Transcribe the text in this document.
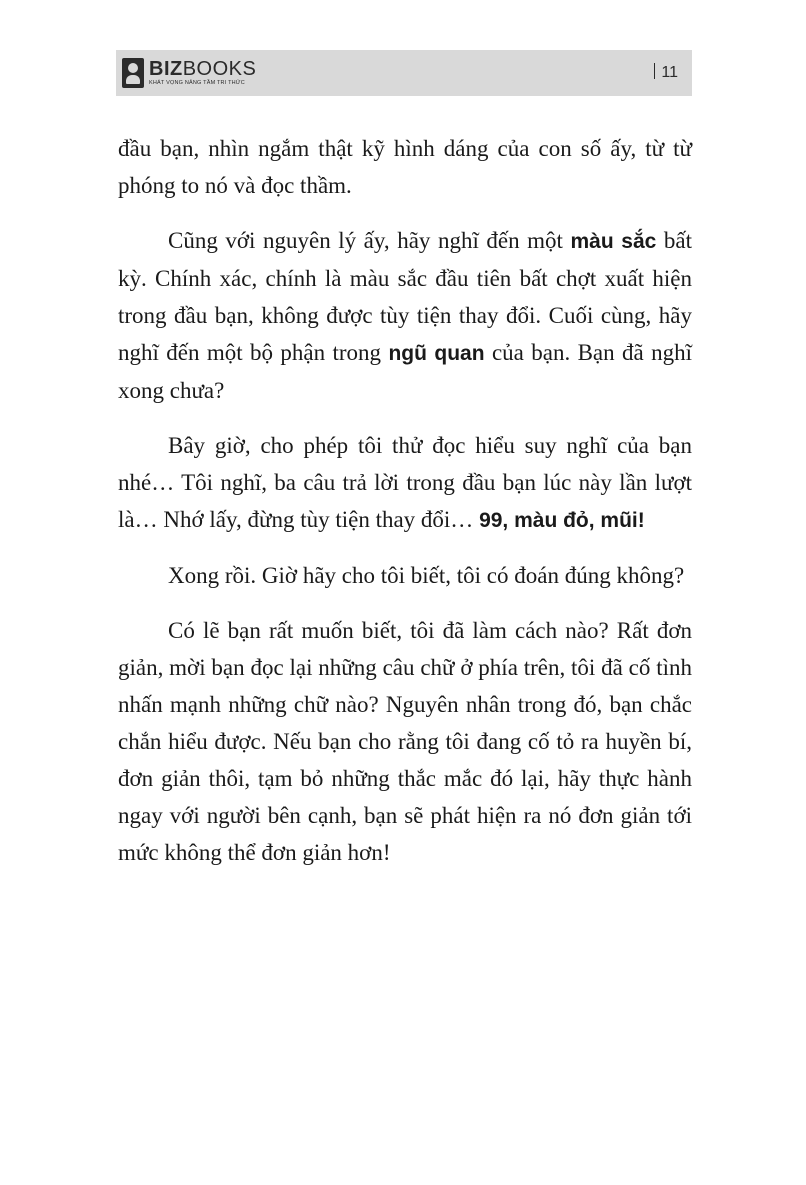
BIZBOOKS
KHÁT VỌNG NÂNG TẦM TRI THỨC
11

đầu bạn, nhìn ngắm thật kỹ hình dáng của con số ấy, từ từ phóng to nó và đọc thầm.

Cũng với nguyên lý ấy, hãy nghĩ đến một màu sắc bất kỳ. Chính xác, chính là màu sắc đầu tiên bất chợt xuất hiện trong đầu bạn, không được tùy tiện thay đổi. Cuối cùng, hãy nghĩ đến một bộ phận trong ngũ quan của bạn. Bạn đã nghĩ xong chưa?

Bây giờ, cho phép tôi thử đọc hiểu suy nghĩ của bạn nhé… Tôi nghĩ, ba câu trả lời trong đầu bạn lúc này lần lượt là… Nhớ lấy, đừng tùy tiện thay đổi… 99, màu đỏ, mũi!

Xong rồi. Giờ hãy cho tôi biết, tôi có đoán đúng không?

Có lẽ bạn rất muốn biết, tôi đã làm cách nào? Rất đơn giản, mời bạn đọc lại những câu chữ ở phía trên, tôi đã cố tình nhấn mạnh những chữ nào? Nguyên nhân trong đó, bạn chắc chắn hiểu được. Nếu bạn cho rằng tôi đang cố tỏ ra huyền bí, đơn giản thôi, tạm bỏ những thắc mắc đó lại, hãy thực hành ngay với người bên cạnh, bạn sẽ phát hiện ra nó đơn giản tới mức không thể đơn giản hơn!
